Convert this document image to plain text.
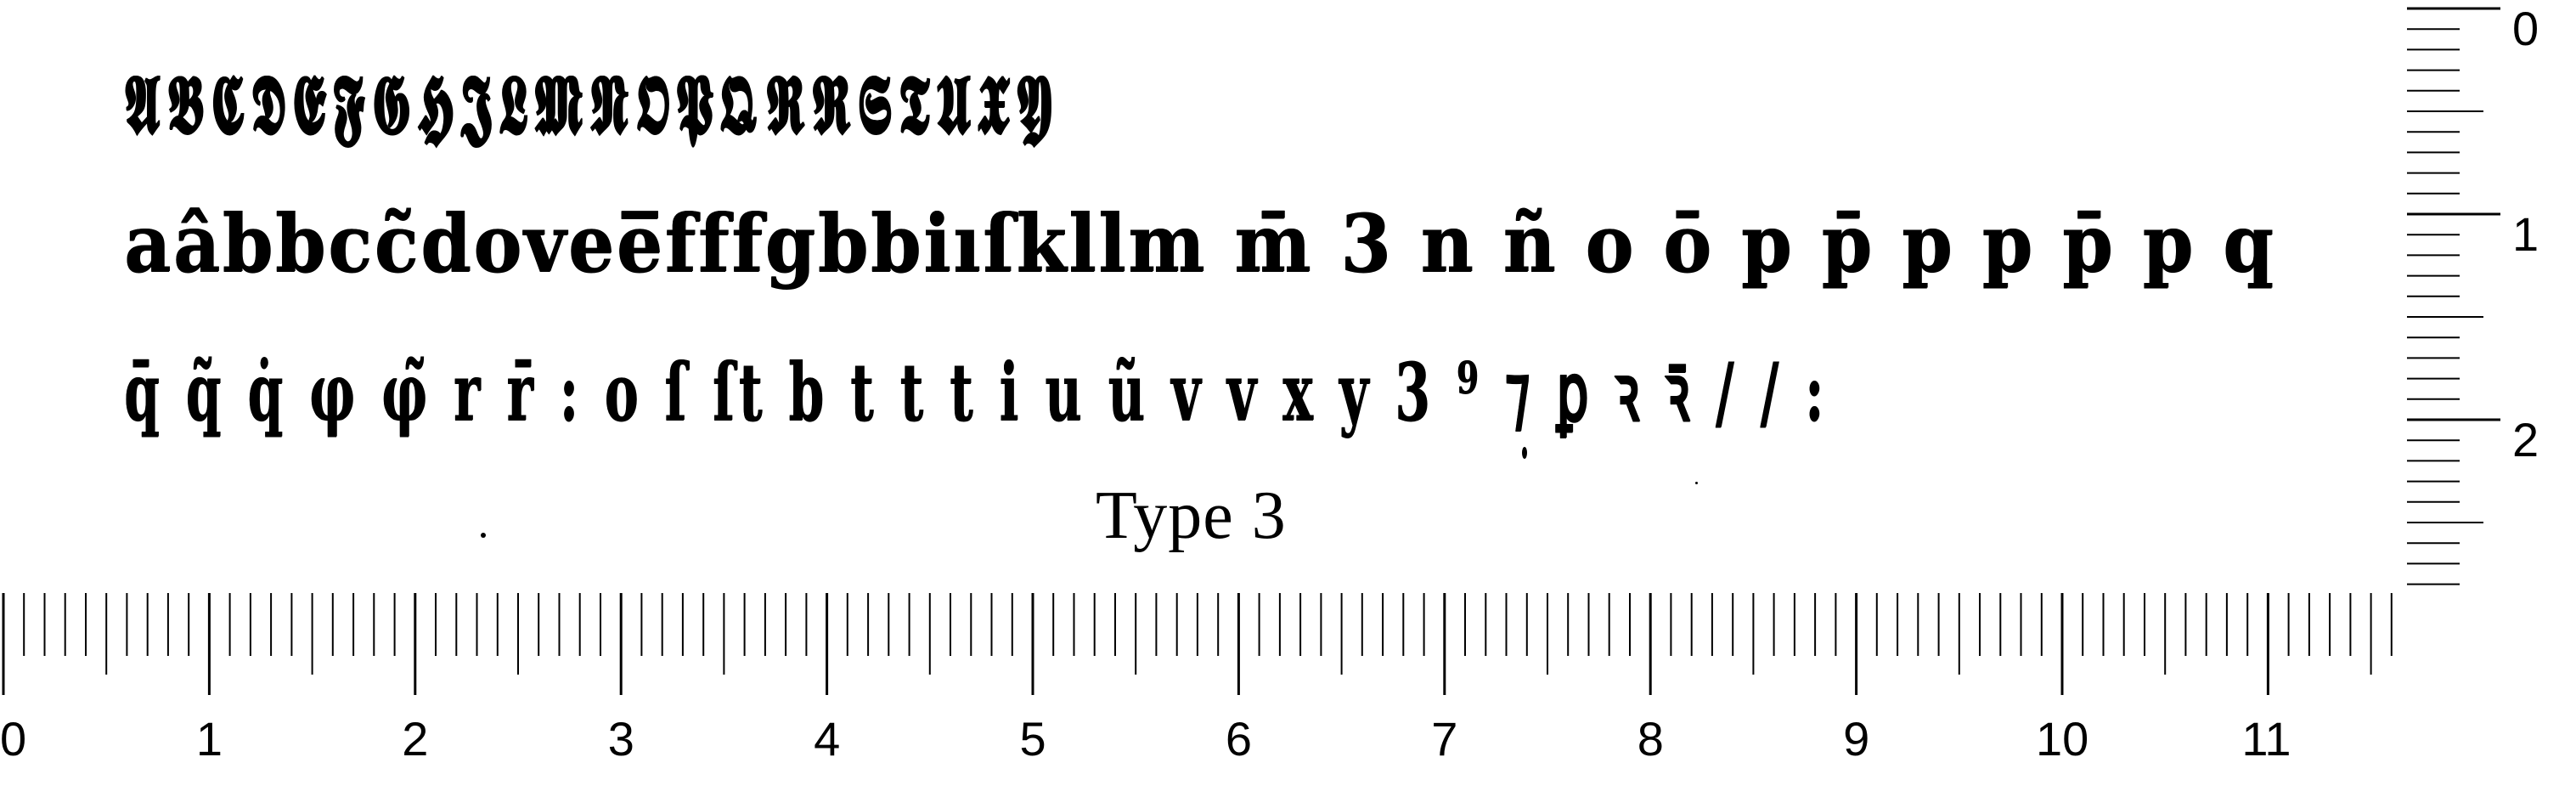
𝕬𝕭𝕮𝕯𝕰𝕱𝕲𝕳𝕵𝕷𝕸𝕹𝕺𝕻𝕼𝕽𝕽𝕾𝕿𝖀𝖃𝖄
aâbbcc̃dovee̅fffgbbiıſkllm m̄ 3 n ñ o ō p p̄ p p p̄ p q
q̄ q̃ q̇ φ φ̃ r r̄ : o ſ ſt b t t t i u ũ v v x y 3 ⁹ ⁊ ꝑ ꝛ ꝛ̄ / / :
Type 3
0	1	2	3	4	5	6	7	8	9	10	11
0
1
2
